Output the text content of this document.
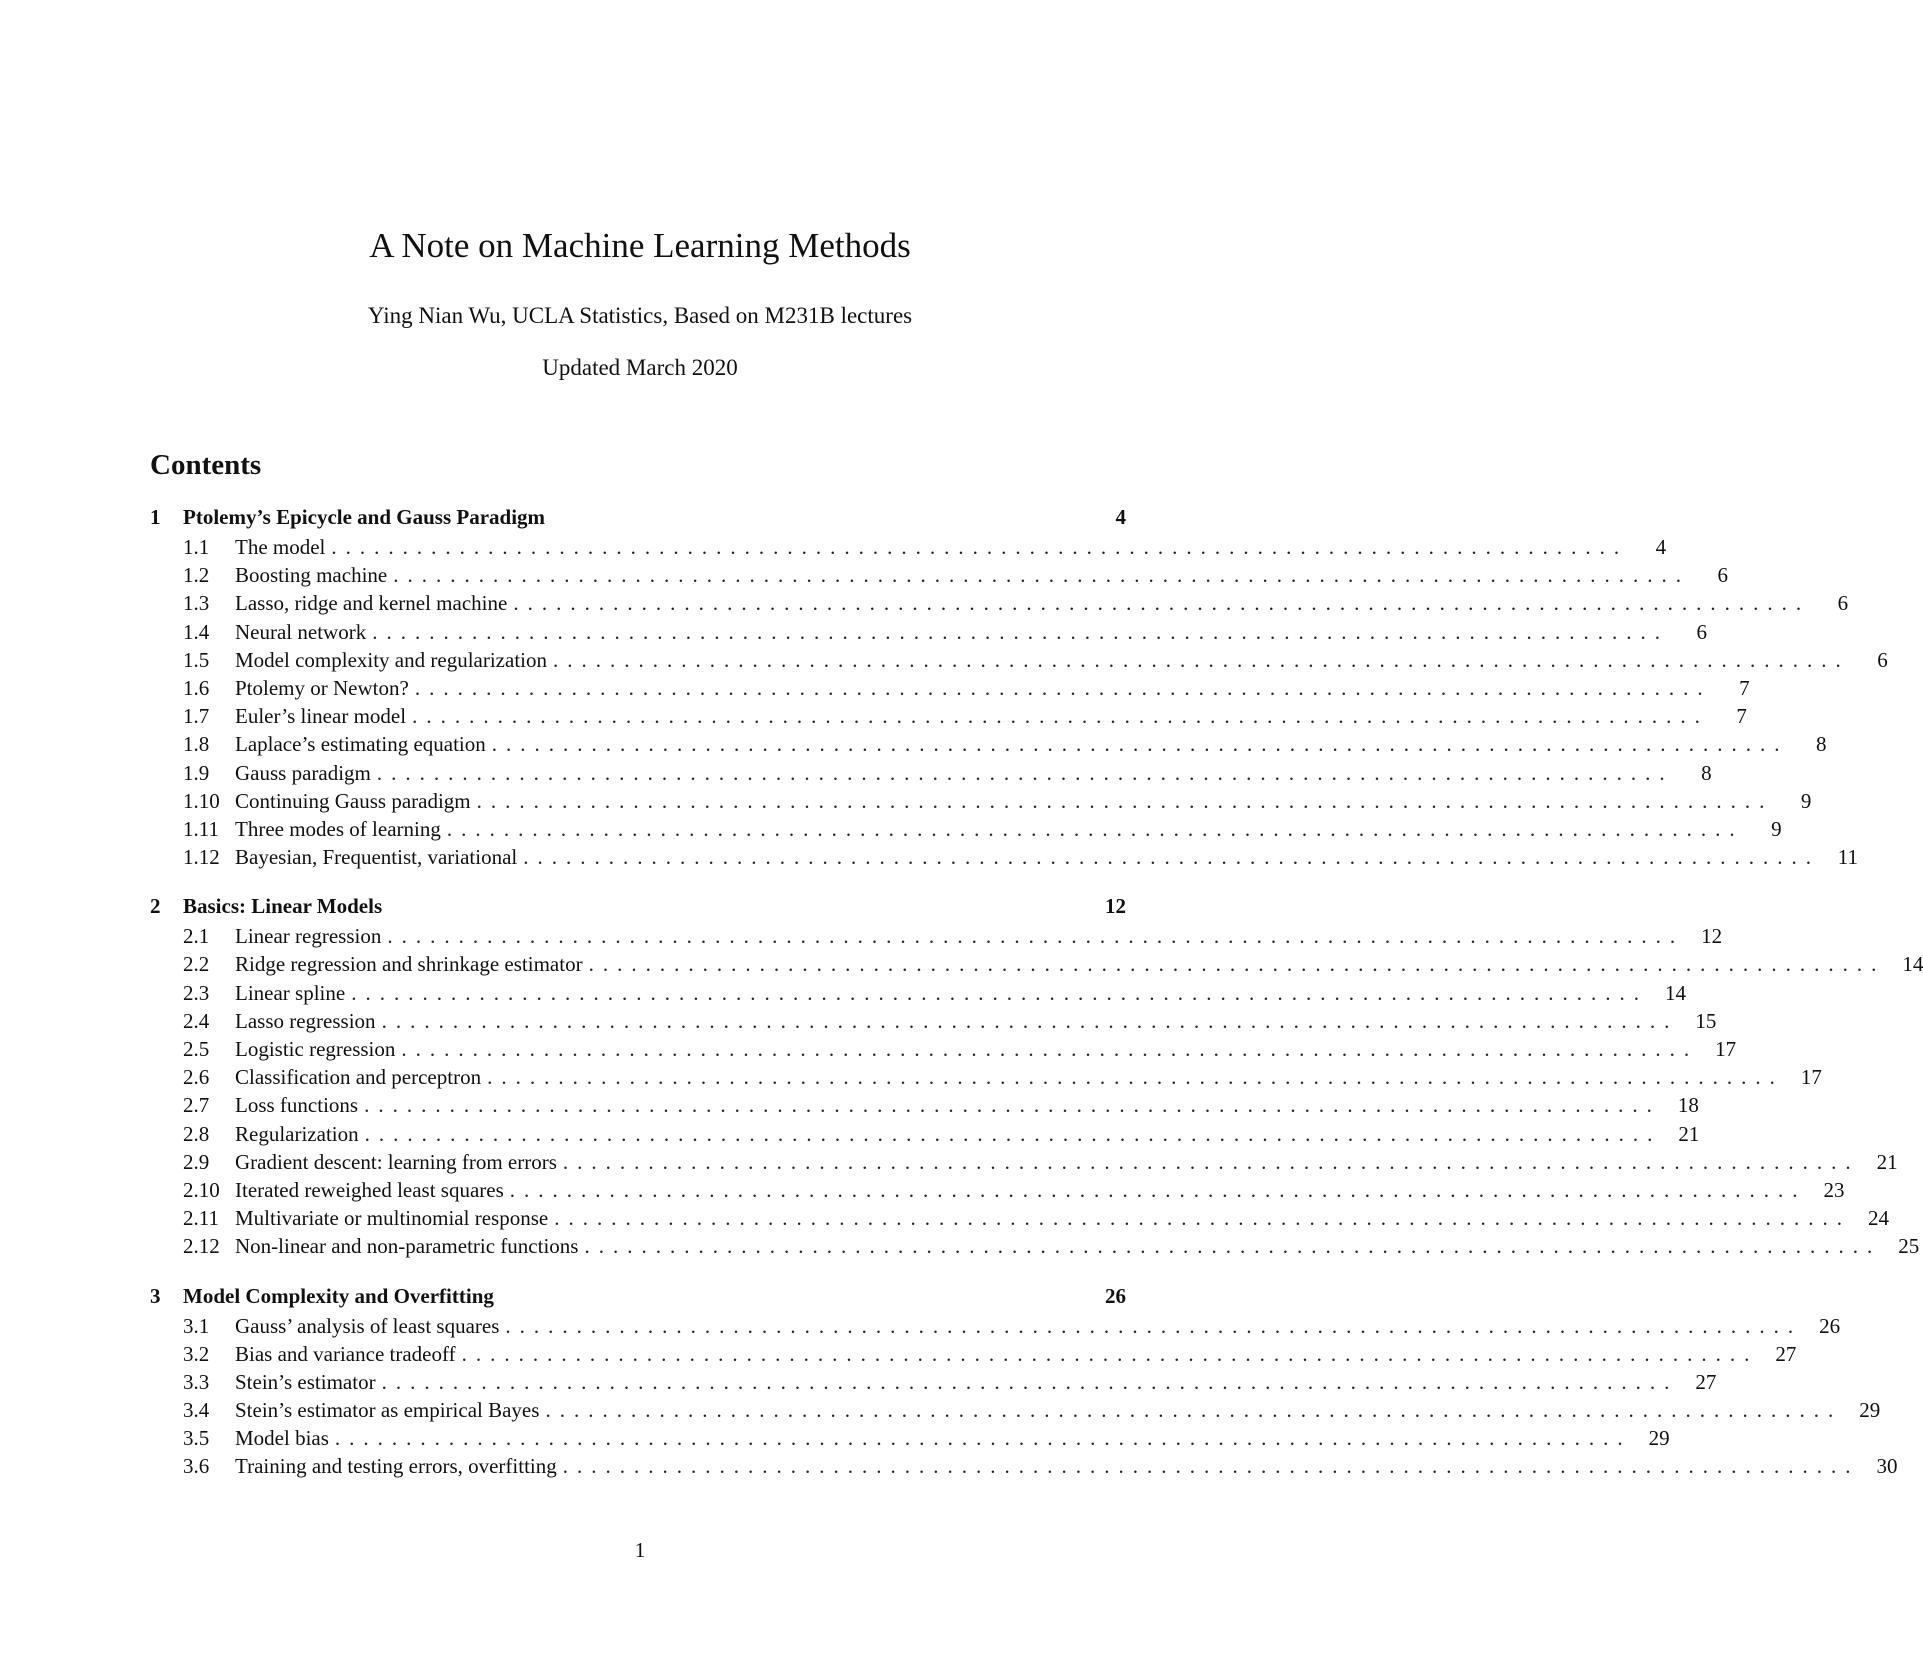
A Note on Machine Learning Methods
Ying Nian Wu, UCLA Statistics, Based on M231B lectures
Updated March 2020
Contents
1	Ptolemy’s Epicycle and Gauss Paradigm	4
1.1	The model ...........................................................................................	4
1.2	Boosting machine ...........................................................................................	6
1.3	Lasso, ridge and kernel machine ...........................................................................................	6
1.4	Neural network ...........................................................................................	6
1.5	Model complexity and regularization ...........................................................................................	6
1.6	Ptolemy or Newton? ...........................................................................................	7
1.7	Euler’s linear model ...........................................................................................	7
1.8	Laplace’s estimating equation ...........................................................................................	8
1.9	Gauss paradigm ...........................................................................................	8
1.10 Continuing Gauss paradigm ...........................................................................................	9
1.11 Three modes of learning ...........................................................................................	9
1.12 Bayesian, Frequentist, variational ........................................................................................... 11
2	Basics: Linear Models	12
2.1	Linear regression ........................................................................................... 12
2.2	Ridge regression and shrinkage estimator ........................................................................................... 14
2.3	Linear spline ........................................................................................... 14
2.4	Lasso regression ........................................................................................... 15
2.5	Logistic regression ........................................................................................... 17
2.6	Classification and perceptron ........................................................................................... 17
2.7	Loss functions ........................................................................................... 18
2.8	Regularization ........................................................................................... 21
2.9	Gradient descent: learning from errors ........................................................................................... 21
2.10 Iterated reweighed least squares ........................................................................................... 23
2.11 Multivariate or multinomial response ........................................................................................... 24
2.12 Non-linear and non-parametric functions ........................................................................................... 25
3	Model Complexity and Overfitting	26
3.1	Gauss’ analysis of least squares ........................................................................................... 26
3.2	Bias and variance tradeoff ........................................................................................... 27
3.3	Stein’s estimator ........................................................................................... 27
3.4	Stein’s estimator as empirical Bayes ........................................................................................... 29
3.5	Model bias ........................................................................................... 29
3.6	Training and testing errors, overfitting ........................................................................................... 30
1
